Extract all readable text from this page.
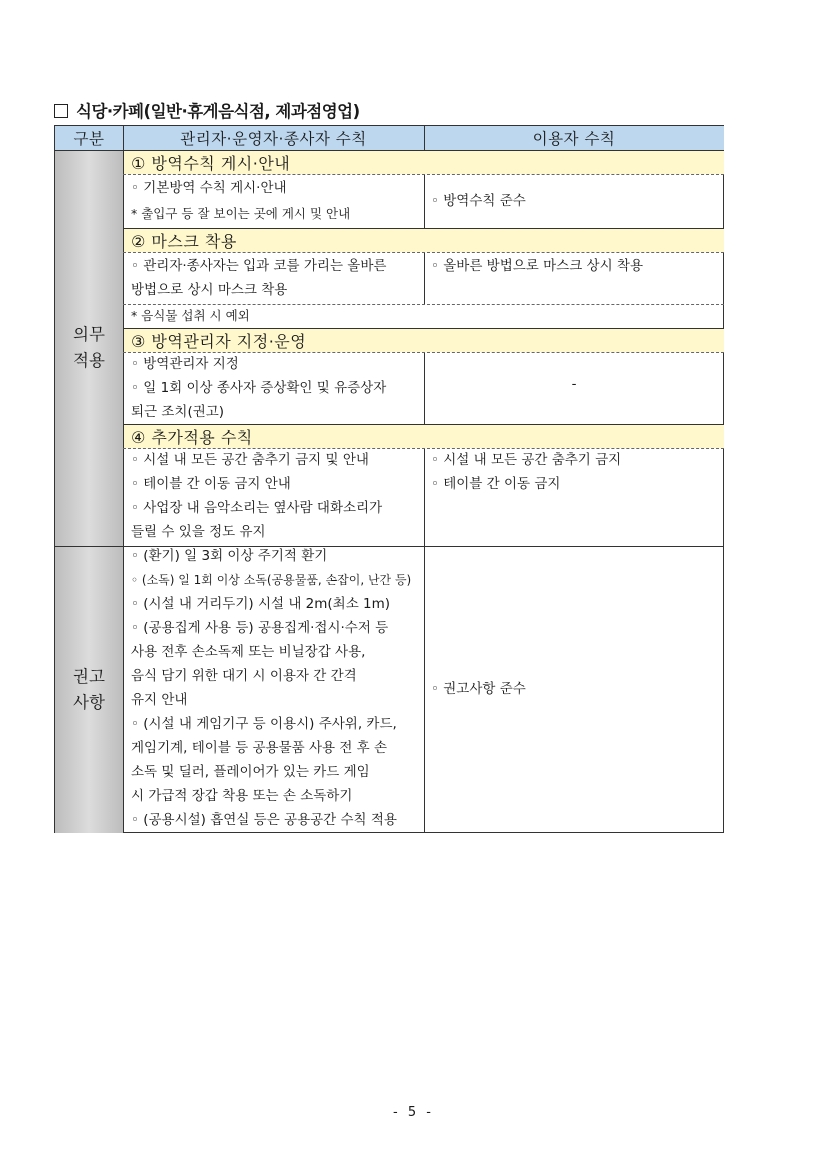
식당·카페(일반·휴게음식점, 제과점영업)
구분	관리자·운영자·종사자 수칙	이용자 수칙
의무
적용
권고
사항
① 방역수칙 게시·안내
② 마스크 착용
③ 방역관리자 지정·운영
④ 추가적용 수칙
◦ 기본방역 수칙 게시·안내
* 출입구 등 잘 보이는 곳에 게시 및 안내
◦ 방역수칙 준수
◦ 관리자·종사자는 입과 코를 가리는 올바른
방법으로 상시 마스크 착용
◦ 올바른 방법으로 마스크 상시 착용
* 음식물 섭취 시 예외
◦ 방역관리자 지정
◦ 일 1회 이상 종사자 증상확인 및 유증상자
퇴근 조치(권고)
-
◦ 시설 내 모든 공간 춤추기 금지 및 안내
◦ 테이블 간 이동 금지 안내
◦ 사업장 내 음악소리는 옆사람 대화소리가
들릴 수 있을 정도 유지
◦ 시설 내 모든 공간 춤추기 금지
◦ 테이블 간 이동 금지
◦ (환기) 일 3회 이상 주기적 환기
◦ (소독) 일 1회 이상 소독(공용물품, 손잡이, 난간 등)
◦ (시설 내 거리두기) 시설 내 2m(최소 1m)
◦ (공용집게 사용 등) 공용집게·접시·수저 등
사용 전후 손소독제 또는 비닐장갑 사용,
음식 담기 위한 대기 시 이용자 간 간격
유지 안내
◦ (시설 내 게임기구 등 이용시) 주사위, 카드,
게임기계, 테이블 등 공용물품 사용 전 후 손
소독 및 딜러, 플레이어가 있는 카드 게임
시 가급적 장갑 착용 또는 손 소독하기
◦ (공용시설) 흡연실 등은 공용공간 수칙 적용
◦ 권고사항 준수
- 5 -
